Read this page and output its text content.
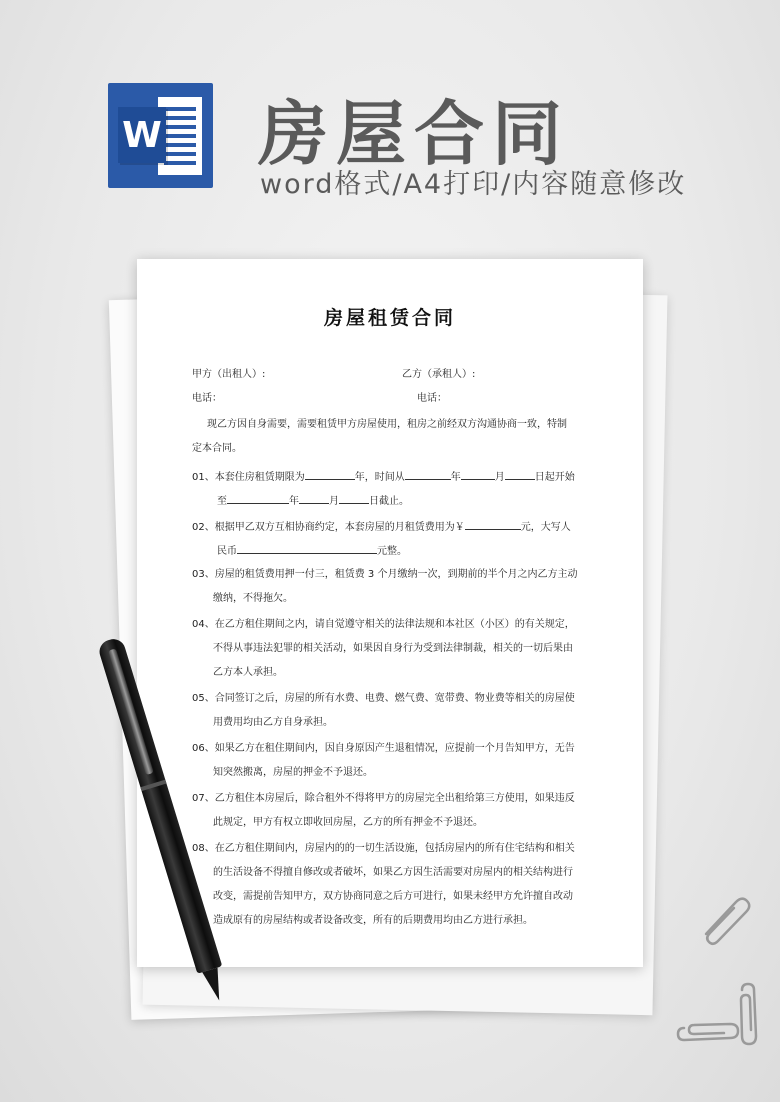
W 房屋合同
word格式/A4打印/内容随意修改
房屋租赁合同
甲方（出租人）:	乙方（承租人）:
电话：	电话：
现乙方因自身需要，需要租赁甲方房屋使用，租房之前经双方沟通协商一致，特制
定本合同。
01、本套住房租赁期限为	年，时间从	年	月	日起开始
至	年	月	日截止。
02、根据甲乙双方互相协商约定，本套房屋的月租赁费用为￥	元，大写人
民币	元整。
03、房屋的租赁费用押一付三，租赁费 3 个月缴纳一次，到期前的半个月之内乙方主动
缴纳，不得拖欠。
04、在乙方租住期间之内，请自觉遵守相关的法律法规和本社区（小区）的有关规定，
不得从事违法犯罪的相关活动，如果因自身行为受到法律制裁，相关的一切后果由
乙方本人承担。
05、合同签订之后，房屋的所有水费、电费、燃气费、宽带费、物业费等相关的房屋使
用费用均由乙方自身承担。
06、如果乙方在租住期间内，因自身原因产生退租情况，应提前一个月告知甲方，无告
知突然搬离，房屋的押金不予退还。
07、乙方租住本房屋后，除合租外不得将甲方的房屋完全出租给第三方使用，如果违反
此规定，甲方有权立即收回房屋，乙方的所有押金不予退还。
08、在乙方租住期间内，房屋内的的一切生活设施，包括房屋内的所有住宅结构和相关
的生活设备不得擅自修改或者破坏，如果乙方因生活需要对房屋内的相关结构进行
改变，需提前告知甲方，双方协商同意之后方可进行，如果未经甲方允许擅自改动
造成原有的房屋结构或者设备改变，所有的后期费用均由乙方进行承担。
